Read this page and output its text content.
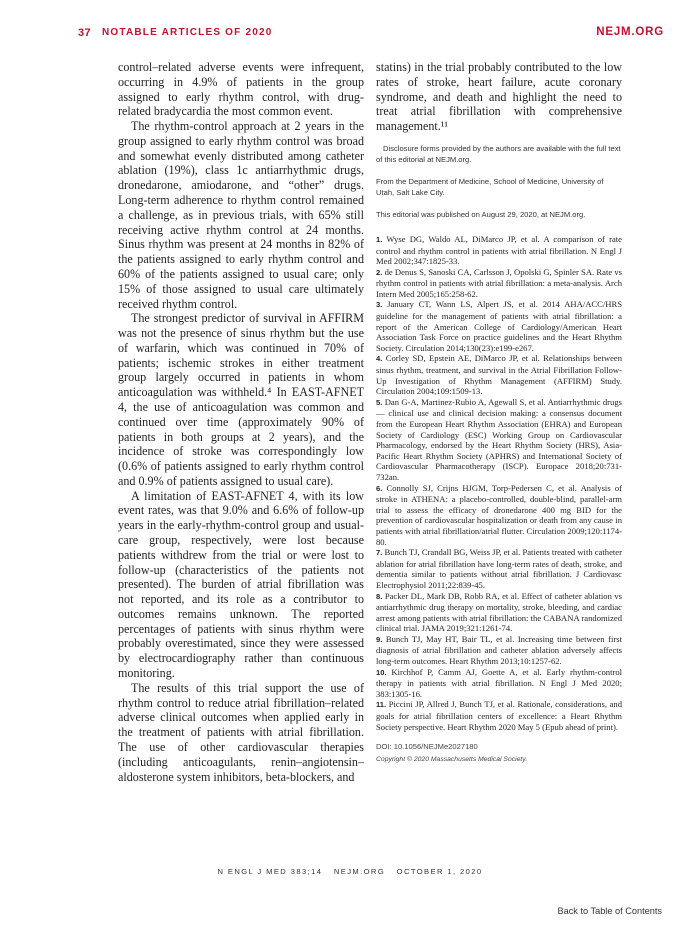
37 NOTABLE ARTICLES OF 2020	NEJM.ORG

control–related adverse events were infrequent, occurring in 4.9% of patients in the group assigned to early rhythm control, with drug-related bradycardia the most common event.

The rhythm-control approach at 2 years in the group assigned to early rhythm control was broad and somewhat evenly distributed among catheter ablation (19%), class 1c antiarrhythmic drugs, dronedarone, amiodarone, and “other” drugs. Long-term adherence to rhythm control remained a challenge, as in previous trials, with 65% still receiving active rhythm control at 24 months. Sinus rhythm was present at 24 months in 82% of the patients assigned to early rhythm control and 60% of the patients assigned to usual care; only 15% of those assigned to usual care ultimately received rhythm control.

The strongest predictor of survival in AFFIRM was not the presence of sinus rhythm but the use of warfarin, which was continued in 70% of patients; ischemic strokes in either treatment group largely occurred in patients in whom anticoagulation was withheld.⁴ In EAST-AFNET 4, the use of anticoagulation was common and continued over time (approximately 90% of patients in both groups at 2 years), and the incidence of stroke was correspondingly low (0.6% of patients assigned to early rhythm control and 0.9% of patients assigned to usual care).

A limitation of EAST-AFNET 4, with its low event rates, was that 9.0% and 6.6% of follow-up years in the early-rhythm-control group and usual-care group, respectively, were lost because patients withdrew from the trial or were lost to follow-up (characteristics of the patients not presented). The burden of atrial fibrillation was not reported, and its role as a contributor to outcomes remains unknown. The reported percentages of patients with sinus rhythm were probably overestimated, since they were assessed by electrocardiography rather than continuous monitoring.

The results of this trial support the use of rhythm control to reduce atrial fibrillation–related adverse clinical outcomes when applied early in the treatment of patients with atrial fibrillation. The use of other cardiovascular therapies (including anticoagulants, renin–angiotensin–aldosterone system inhibitors, beta-blockers, and

statins) in the trial probably contributed to the low rates of stroke, heart failure, acute coronary syndrome, and death and highlight the need to treat atrial fibrillation with comprehensive management.¹¹

Disclosure forms provided by the authors are available with the full text of this editorial at NEJM.org.

From the Department of Medicine, School of Medicine, University of Utah, Salt Lake City.

This editorial was published on August 29, 2020, at NEJM.org.

1. Wyse DG, Waldo AL, DiMarco JP, et al. A comparison of rate control and rhythm control in patients with atrial fibrillation. N Engl J Med 2002;347:1825-33.
2. de Denus S, Sanoski CA, Carlsson J, Opolski G, Spinler SA. Rate vs rhythm control in patients with atrial fibrillation: a meta-analysis. Arch Intern Med 2005;165:258-62.
3. January CT, Wann LS, Alpert JS, et al. 2014 AHA/ACC/HRS guideline for the management of patients with atrial fibrillation: a report of the American College of Cardiology/American Heart Association Task Force on practice guidelines and the Heart Rhythm Society. Circulation 2014;130(23):e199-e267.
4. Corley SD, Epstein AE, DiMarco JP, et al. Relationships between sinus rhythm, treatment, and survival in the Atrial Fibrillation Follow-Up Investigation of Rhythm Management (AFFIRM) Study. Circulation 2004;109:1509-13.
5. Dan G-A, Martinez-Rubio A, Agewall S, et al. Antiarrhythmic drugs — clinical use and clinical decision making: a consensus document from the European Heart Rhythm Association (EHRA) and European Society of Cardiology (ESC) Working Group on Cardiovascular Pharmacology, endorsed by the Heart Rhythm Society (HRS), Asia-Pacific Heart Rhythm Society (APHRS) and International Society of Cardiovascular Pharmacotherapy (ISCP). Europace 2018;20:731-732an.
6. Connolly SJ, Crijns HJGM, Torp-Pedersen C, et al. Analysis of stroke in ATHENA: a placebo-controlled, double-blind, parallel-arm trial to assess the efficacy of dronedarone 400 mg BID for the prevention of cardiovascular hospitalization or death from any cause in patients with atrial fibrillation/atrial flutter. Circulation 2009;120:1174-80.
7. Bunch TJ, Crandall BG, Weiss JP, et al. Patients treated with catheter ablation for atrial fibrillation have long-term rates of death, stroke, and dementia similar to patients without atrial fibrillation. J Cardiovasc Electrophysiol 2011;22:839-45.
8. Packer DL, Mark DB, Robb RA, et al. Effect of catheter ablation vs antiarrhythmic drug therapy on mortality, stroke, bleeding, and cardiac arrest among patients with atrial fibrillation: the CABANA randomized clinical trial. JAMA 2019;321:1261-74.
9. Bunch TJ, May HT, Bair TL, et al. Increasing time between first diagnosis of atrial fibrillation and catheter ablation adversely affects long-term outcomes. Heart Rhythm 2013;10:1257-62.
10. Kirchhof P, Camm AJ, Goette A, et al. Early rhythm-control therapy in patients with atrial fibrillation. N Engl J Med 2020; 383:1305-16.
11. Piccini JP, Allred J, Bunch TJ, et al. Rationale, considerations, and goals for atrial fibrillation centers of excellence: a Heart Rhythm Society perspective. Heart Rhythm 2020 May 5 (Epub ahead of print).

DOI: 10.1056/NEJMe2027180

Copyright © 2020 Massachusetts Medical Society.

N ENGL J MED 383;14 NEJM.ORG OCTOBER 1, 2020
Back to Table of Contents
